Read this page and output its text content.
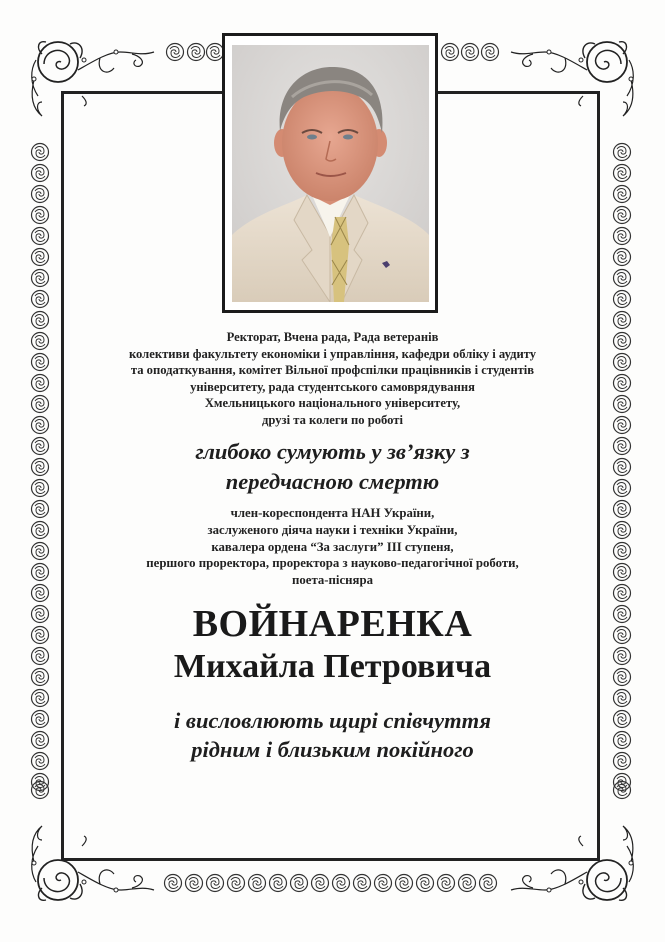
Ректорат, Вчена рада, Рада ветеранів
колективи факультету економіки і управління, кафедри обліку і аудиту
та оподаткування, комітет Вільної профспілки працівників і студентів
університету, рада студентського самоврядування
Хмельницького національного університету,
друзі та колеги по роботі
глибоко сумують у зв’язку з
передчасною смертю
член-кореспондента НАН України,
заслуженого діяча науки і техніки України,
кавалера ордена “За заслуги” ІІІ ступеня,
першого проректора, проректора з науково-педагогічної роботи,
поета-пісняра
ВОЙНАРЕНКА
Михайла Петровича
і висловлюють щирі співчуття
рідним і близьким покійного
